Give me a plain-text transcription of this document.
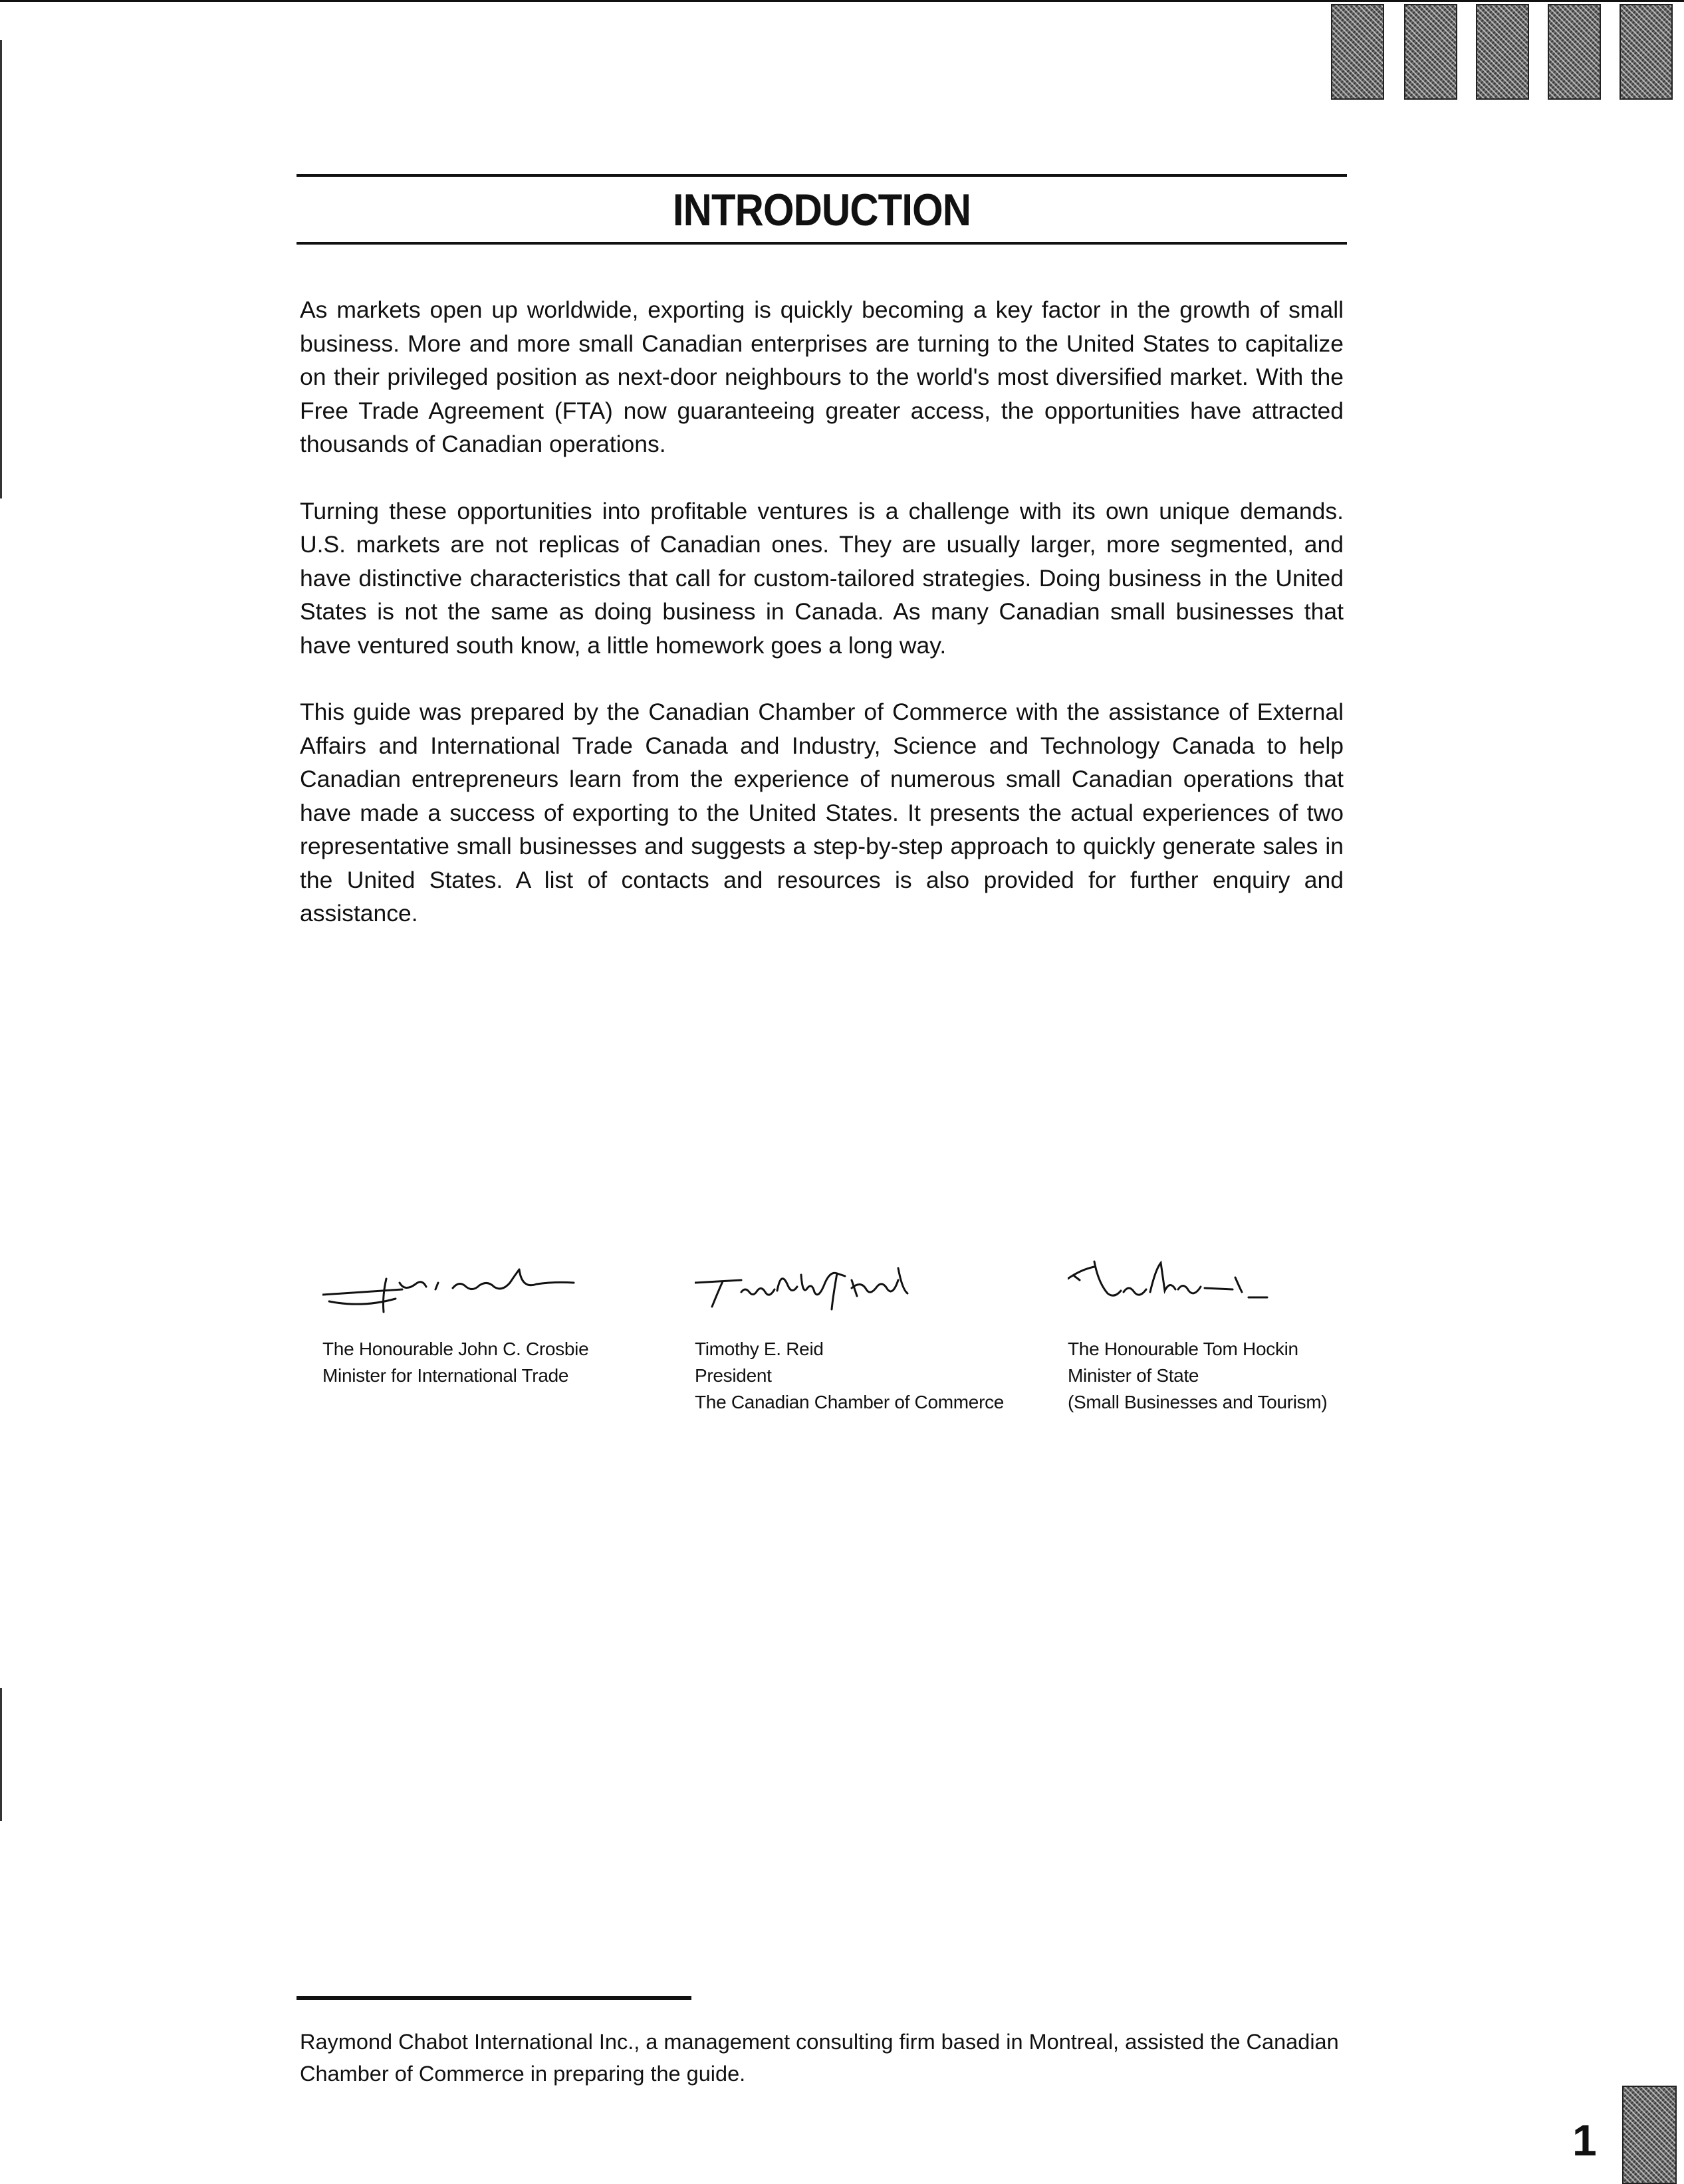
INTRODUCTION

As markets open up worldwide, exporting is quickly becoming a key factor in the growth of small business. More and more small Canadian enterprises are turning to the United States to capitalize on their privileged position as next-door neighbours to the world's most diversified market. With the Free Trade Agreement (FTA) now guaranteeing greater access, the opportunities have attracted thousands of Canadian operations.

Turning these opportunities into profitable ventures is a challenge with its own unique demands. U.S. markets are not replicas of Canadian ones. They are usually larger, more segmented, and have distinctive characteristics that call for custom-tailored strategies. Doing business in the United States is not the same as doing business in Canada. As many Canadian small businesses that have ventured south know, a little homework goes a long way.

This guide was prepared by the Canadian Chamber of Commerce with the assistance of External Affairs and International Trade Canada and Industry, Science and Technology Canada to help Canadian entrepreneurs learn from the experience of numerous small Canadian operations that have made a success of exporting to the United States. It presents the actual experiences of two representative small businesses and suggests a step-by-step approach to quickly generate sales in the United States. A list of contacts and resources is also provided for further enquiry and assistance.

The Honourable John C. Crosbie
Minister for International Trade
Timothy E. Reid
President
The Canadian Chamber of Commerce
The Honourable Tom Hockin
Minister of State
(Small Businesses and Tourism)
Raymond Chabot International Inc., a management consulting firm based in Montreal, assisted the Canadian Chamber of Commerce in preparing the guide.
1
